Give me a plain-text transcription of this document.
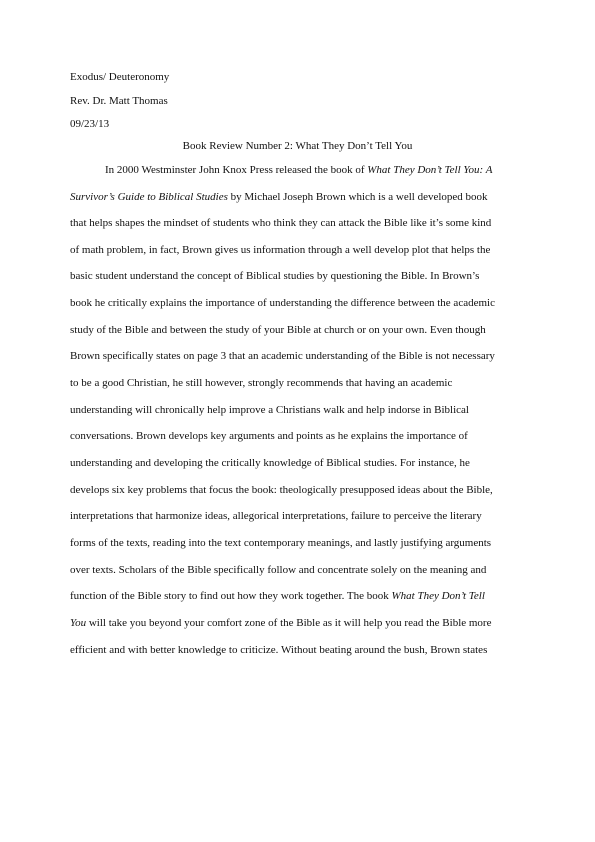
Exodus/ Deuteronomy
Rev. Dr. Matt Thomas
09/23/13
Book Review Number 2: What They Don’t Tell You
In 2000 Westminster John Knox Press released the book of What They Don’t Tell You: A
Survivor’s Guide to Biblical Studies by Michael Joseph Brown which is a well developed book
that helps shapes the mindset of students who think they can attack the Bible like it’s some kind
of math problem, in fact, Brown gives us information through a well develop plot that helps the
basic student understand the concept of Biblical studies by questioning the Bible. In Brown’s
book he critically explains the importance of understanding the difference between the academic
study of the Bible and between the study of your Bible at church or on your own. Even though
Brown specifically states on page 3 that an academic understanding of the Bible is not necessary
to be a good Christian, he still however, strongly recommends that having an academic
understanding will chronically help improve a Christians walk and help indorse in Biblical
conversations. Brown develops key arguments and points as he explains the importance of
understanding and developing the critically knowledge of Biblical studies. For instance, he
develops six key problems that focus the book: theologically presupposed ideas about the Bible,
interpretations that harmonize ideas, allegorical interpretations, failure to perceive the literary
forms of the texts, reading into the text contemporary meanings, and lastly justifying arguments
over texts. Scholars of the Bible specifically follow and concentrate solely on the meaning and
function of the Bible story to find out how they work together. The book What They Don’t Tell
You will take you beyond your comfort zone of the Bible as it will help you read the Bible more
efficient and with better knowledge to criticize. Without beating around the bush, Brown states
